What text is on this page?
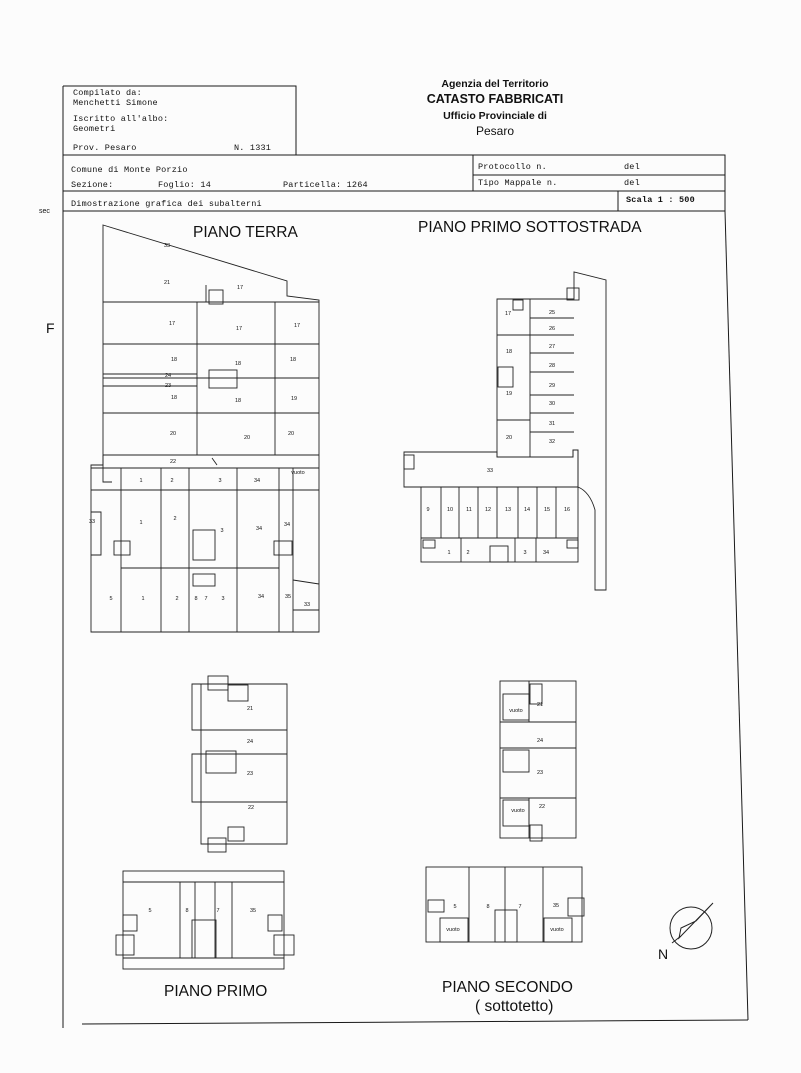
Compilato da:
Menchetti Simone
Iscritto all'albo:
Geometri
Prov. Pesaro	N. 1331
Agenzia del Territorio
CATASTO FABBRICATI
Ufficio Provinciale di
Pesaro
Comune di Monte Porzio
Sezione:	Foglio: 14	Particella: 1264
Protocollo n.	del
Tipo Mappale n.	del
Dimostrazione grafica dei subalterni	Scala 1 : 500
F
sec
PIANO TERRA	PIANO PRIMO SOTTOSTRADA
PIANO PRIMO	PIANO SECONDO
( sottotetto)
N
33
21
17
17
17	17
18
18
18
24
23
18	18	19
20
20
20
22
vuoto
1	2	3	34
33	1
2
3	34
34
5	1	2	8 7	3	34	35
33
17	25
26
27
28
18
29
19
30
31
20
32
33
9	10 11 12	13 14	15	16
1	2	3	34
21
24
23
22
vuoto
21
24
23
vuoto
22
5	8	7	35
5	8	7	35
vuoto	vuoto
